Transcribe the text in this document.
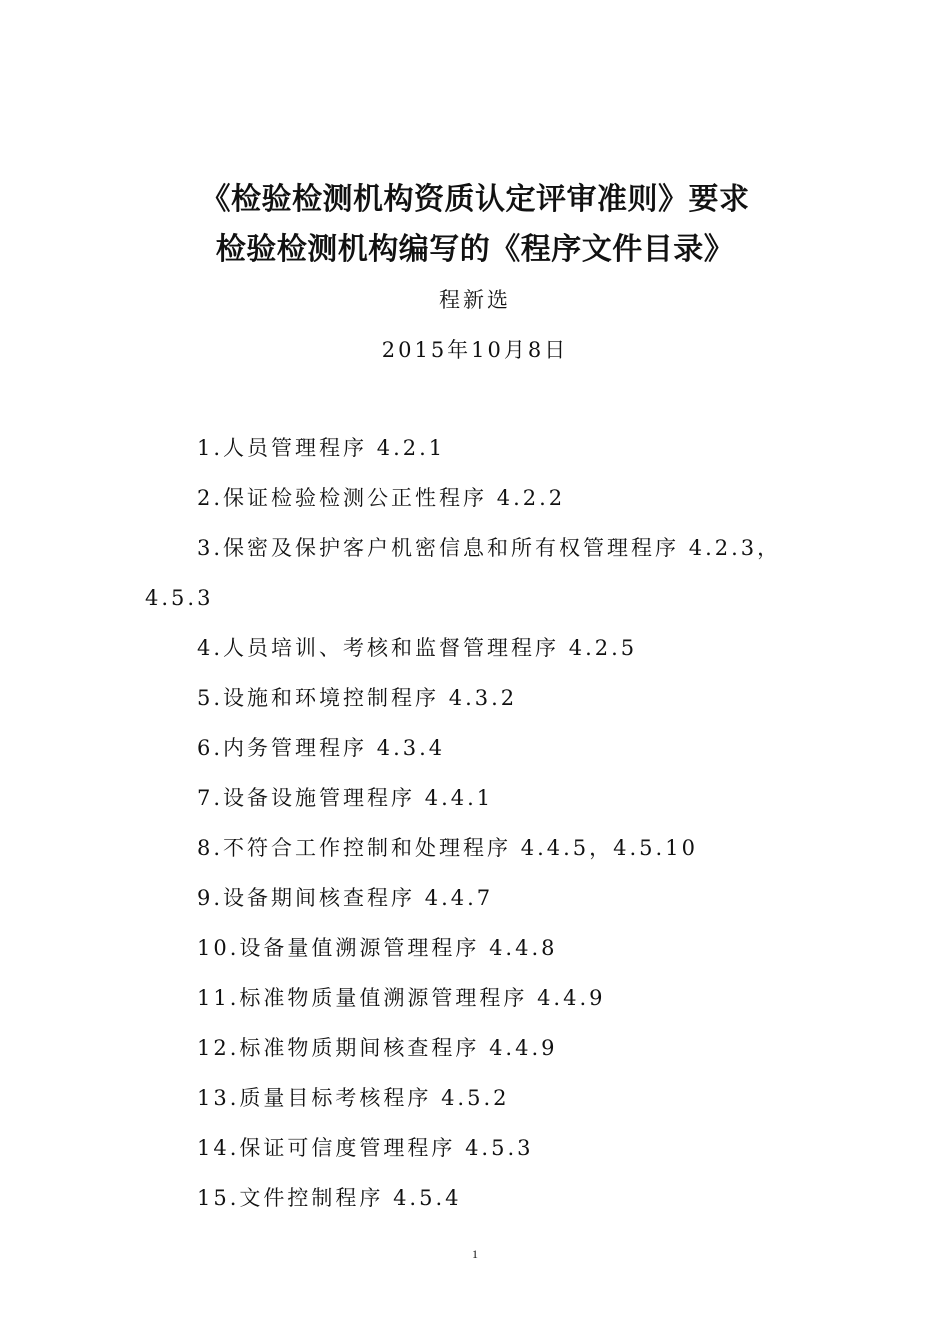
《检验检测机构资质认定评审准则》要求
检验检测机构编写的《程序文件目录》
程新选
2015年10月8日
1.人员管理程序 4.2.1
2.保证检验检测公正性程序 4.2.2
3.保密及保护客户机密信息和所有权管理程序 4.2.3，
4.5.3
4.人员培训、考核和监督管理程序 4.2.5
5.设施和环境控制程序 4.3.2
6.内务管理程序 4.3.4
7.设备设施管理程序 4.4.1
8.不符合工作控制和处理程序 4.4.5，4.5.10
9.设备期间核查程序 4.4.7
10.设备量值溯源管理程序 4.4.8
11.标准物质量值溯源管理程序 4.4.9
12.标准物质期间核查程序 4.4.9
13.质量目标考核程序 4.5.2
14.保证可信度管理程序 4.5.3
15.文件控制程序 4.5.4
1
